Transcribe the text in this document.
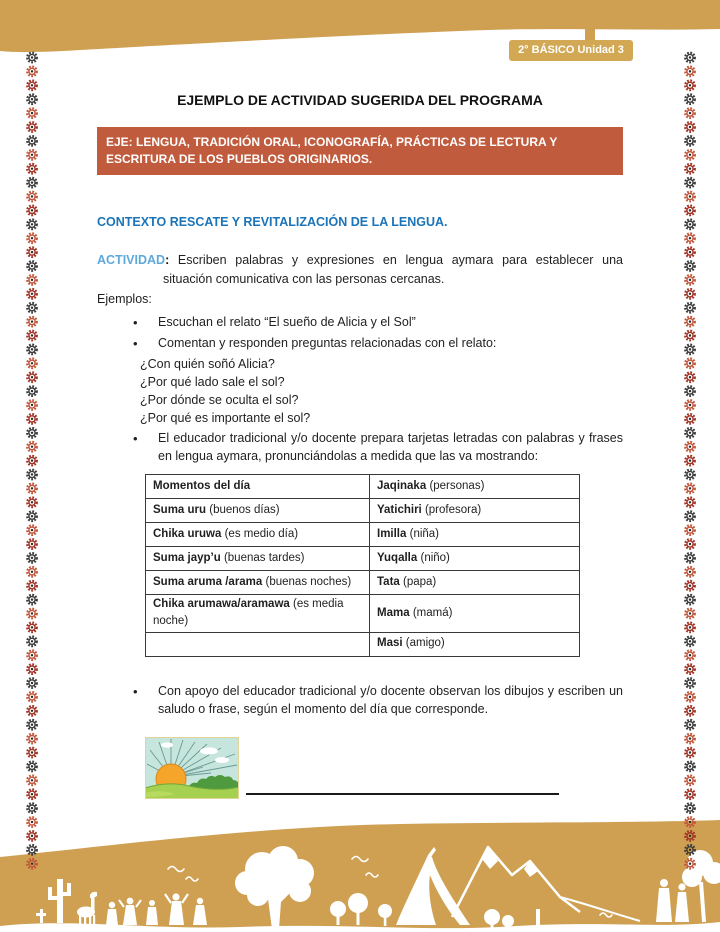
2° BÁSICO Unidad 3
EJEMPLO DE ACTIVIDAD SUGERIDA DEL PROGRAMA
EJE: LENGUA, TRADICIÓN ORAL, ICONOGRAFÍA, PRÁCTICAS DE LECTURA Y ESCRITURA DE LOS PUEBLOS ORIGINARIOS.
CONTEXTO RESCATE Y REVITALIZACIÓN DE LA LENGUA.

ACTIVIDAD: Escriben palabras y expresiones en lengua aymara para establecer una situación comunicativa con las personas cercanas.

Ejemplos:
• Escuchan el relato “El sueño de Alicia y el Sol”
• Comentan y responden preguntas relacionadas con el relato:
¿Con quién soñó Alicia?
¿Por qué lado sale el sol?
¿Por dónde se oculta el sol?
¿Por qué es importante el sol?
• El educador tradicional y/o docente prepara tarjetas letradas con palabras y frases en lengua aymara, pronunciándolas a medida que las va mostrando:
Momentos del día	Jaqinaka (personas)
Suma uru (buenos días)	Yatichiri (profesora)
Chika uruwa (es medio día)	Imilla (niña)
Suma jayp’u (buenas tardes)	Yuqalla (niño)
Suma aruma /arama (buenas noches)	Tata (papa)
Chika arumawa/aramawa (es media noche)	Mama (mamá)
	Masi (amigo)
• Con apoyo del educador tradicional y/o docente observan los dibujos y escriben un saludo o frase, según el momento del día que corresponde.
